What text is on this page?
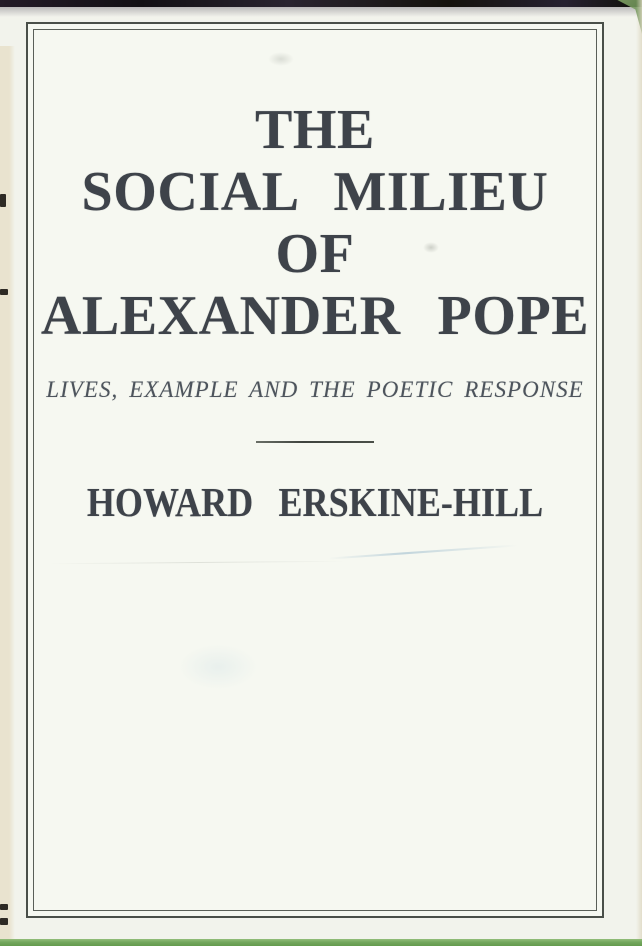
THE
SOCIAL MILIEU
OF
ALEXANDER POPE
LIVES, EXAMPLE AND THE POETIC RESPONSE
HOWARD ERSKINE-HILL
